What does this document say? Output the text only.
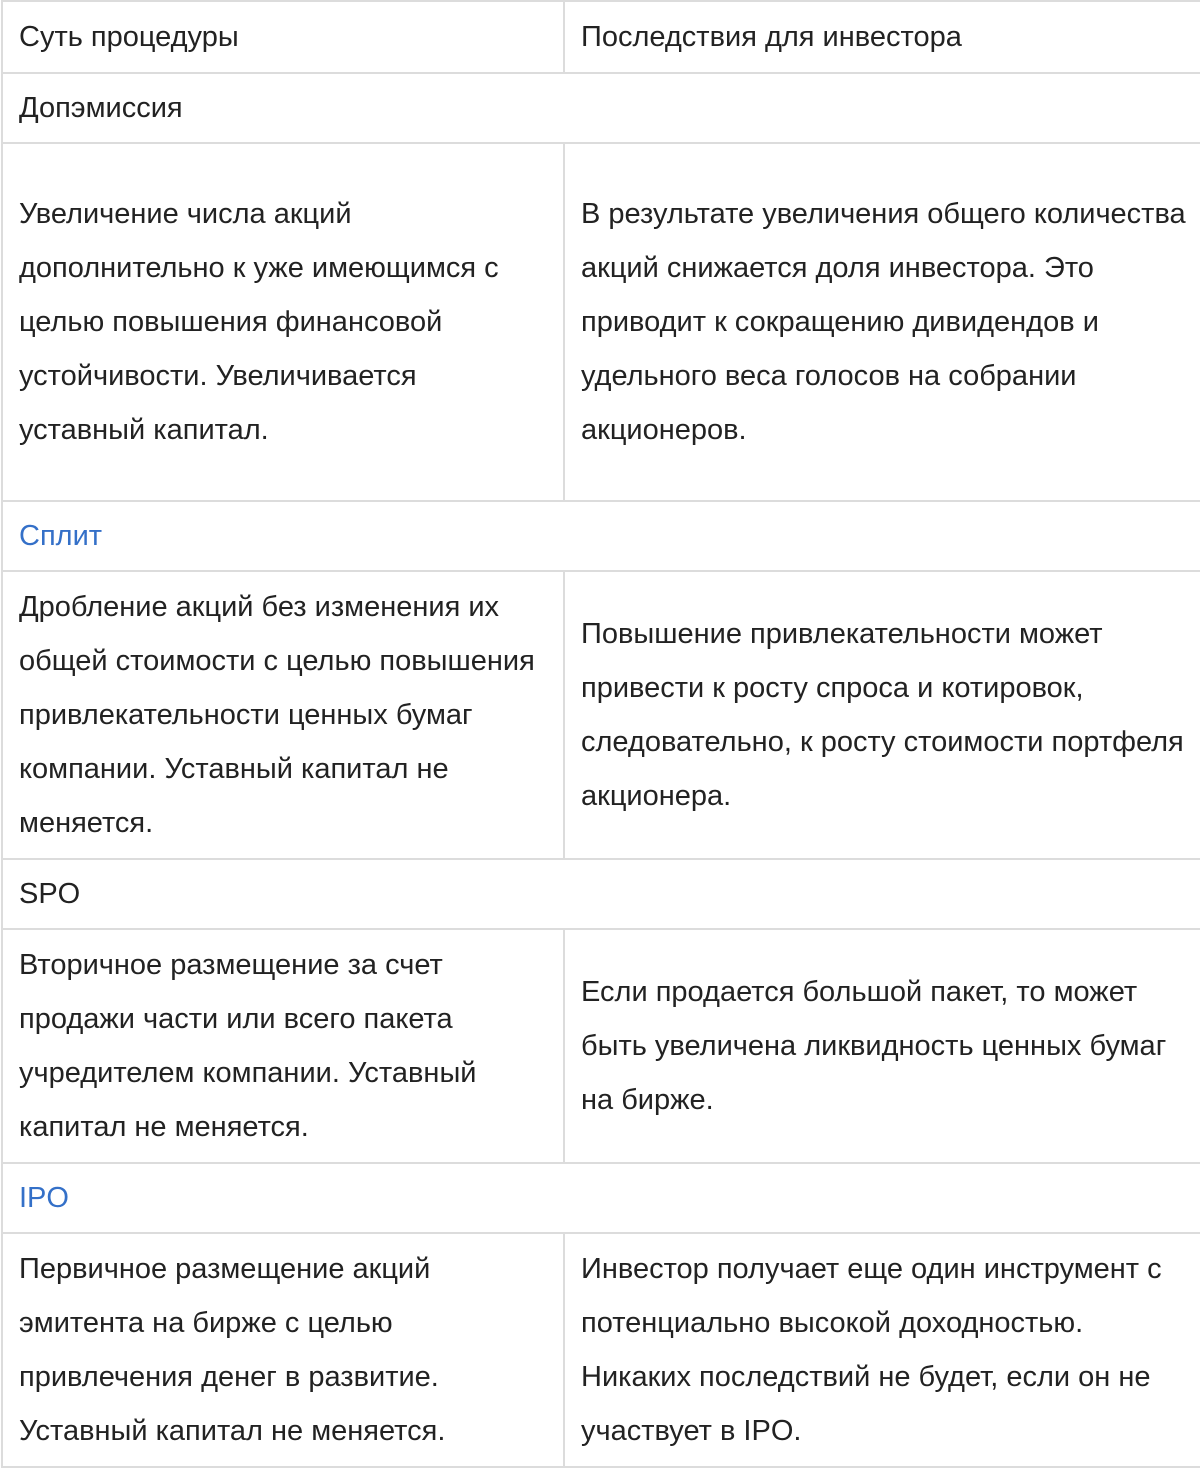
Суть процедуры	Последствия для инвестора
Допэмиссия	
Увеличение числа акций дополнительно к уже имеющимся с целью повышения финансовой устойчивости. Увеличивается уставный капитал.	В результате увеличения общего количества акций снижается доля инвестора. Это приводит к сокращению дивидендов и удельного веса голосов на собрании акционеров.
Сплит	
Дробление акций без изменения их общей стоимости с целью повышения привлекательности ценных бумаг компании. Уставный капитал не меняется.	Повышение привлекательности может привести к росту спроса и котировок, следовательно, к росту стоимости портфеля акционера.
SPO	
Вторичное размещение за счет продажи части или всего пакета учредителем компании. Уставный капитал не меняется.	Если продается большой пакет, то может быть увеличена ликвидность ценных бумаг на бирже.
IPO	
Первичное размещение акций эмитента на бирже с целью привлечения денег в развитие. Уставный капитал не меняется.	Инвестор получает еще один инструмент с потенциально высокой доходностью. Никаких последствий не будет, если он не участвует в IPO.
